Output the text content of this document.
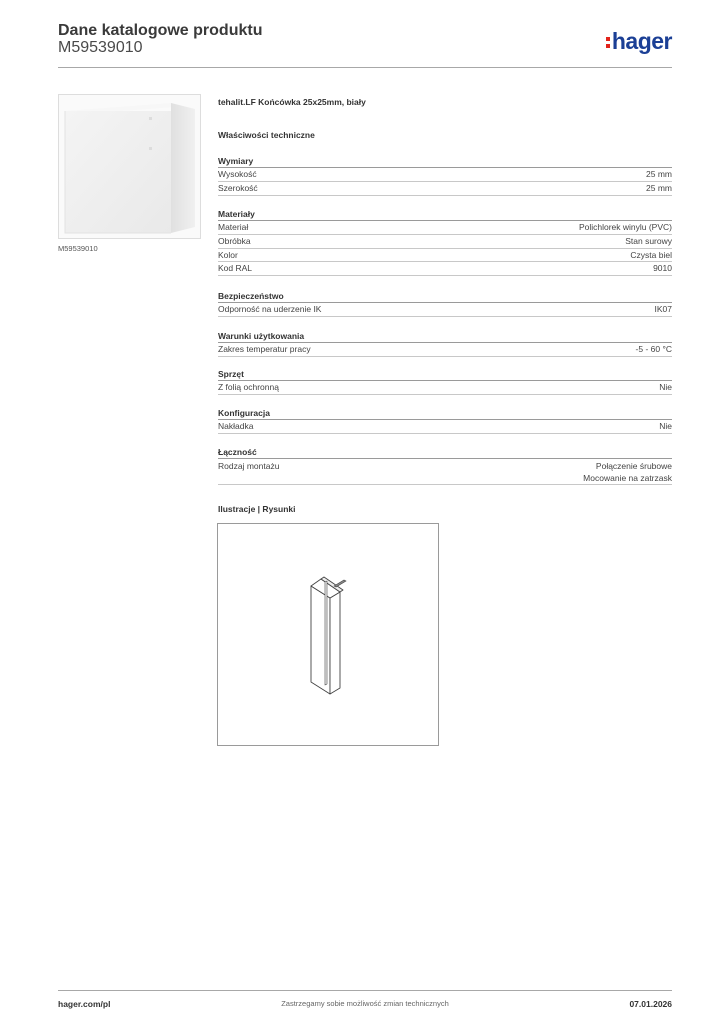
Dane katalogowe produktu
M59539010	hager
M59539010
tehalit.LF Końcówka 25x25mm, biały
Właściwości techniczne
Wymiary
Wysokość	25 mm
Szerokość	25 mm
Materiały
Materiał	Polichlorek winylu (PVC)
Obróbka	Stan surowy
Kolor	Czysta biel
Kod RAL	9010
Bezpieczeństwo
Odporność na uderzenie IK	IK07
Warunki użytkowania
Zakres temperatur pracy	-5 - 60 °C
Sprzęt
Z folią ochronną	Nie
Konfiguracja
Nakładka	Nie
Łączność
Rodzaj montażu	Połączenie śrubowe
Mocowanie na zatrzask
Ilustracje | Rysunki
hager.com/pl	Zastrzegamy sobie możliwość zmian technicznych	07.01.2026
